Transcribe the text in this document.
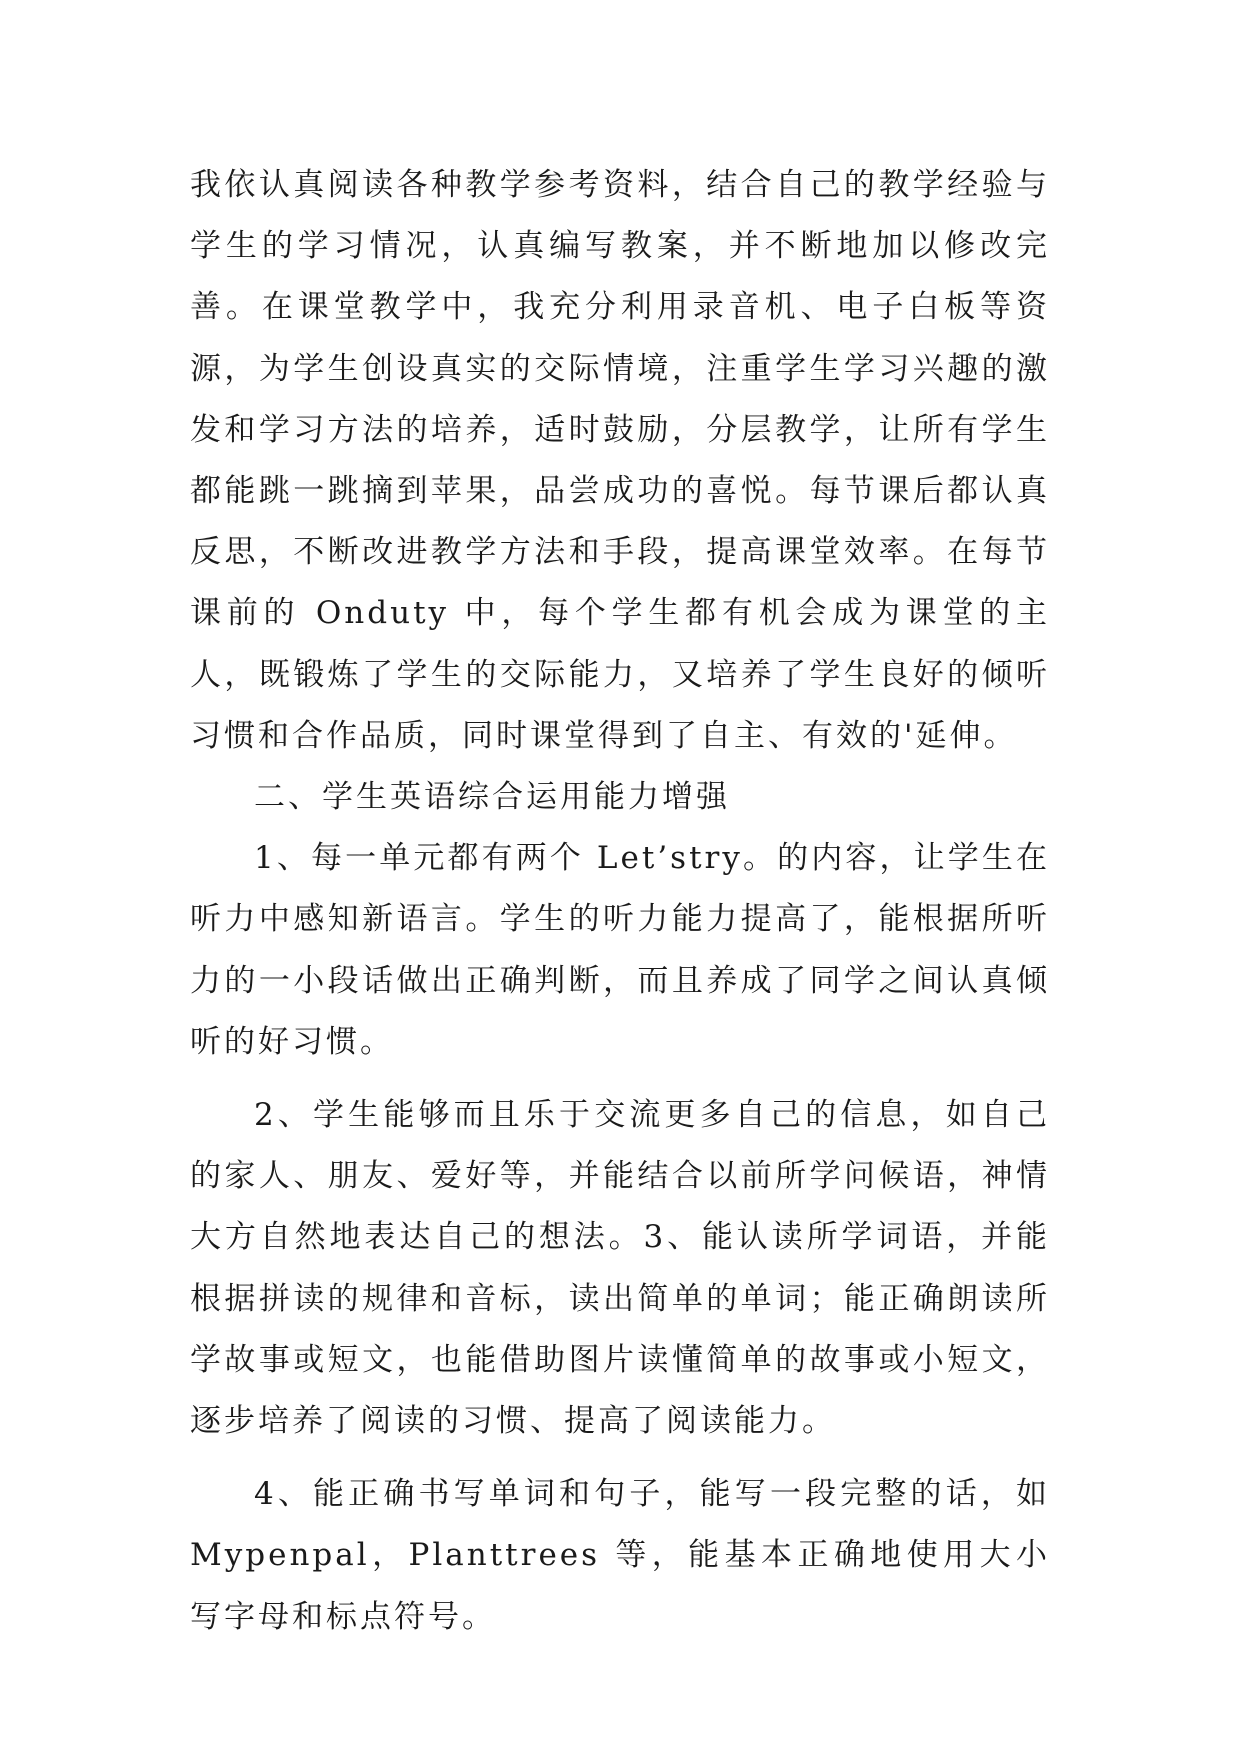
我依认真阅读各种教学参考资料，结合自己的教学经验与学生的学习情况，认真编写教案，并不断地加以修改完善。在课堂教学中，我充分利用录音机、电子白板等资源，为学生创设真实的交际情境，注重学生学习兴趣的激发和学习方法的培养，适时鼓励，分层教学，让所有学生都能跳一跳摘到苹果，品尝成功的喜悦。每节课后都认真反思，不断改进教学方法和手段，提高课堂效率。在每节课前的 Onduty 中，每个学生都有机会成为课堂的主人，既锻炼了学生的交际能力，又培养了学生良好的倾听习惯和合作品质，同时课堂得到了自主、有效的'延伸。

二、学生英语综合运用能力增强

1、每一单元都有两个 Let’stry。的内容，让学生在听力中感知新语言。学生的听力能力提高了，能根据所听力的一小段话做出正确判断，而且养成了同学之间认真倾听的好习惯。

2、学生能够而且乐于交流更多自己的信息，如自己的家人、朋友、爱好等，并能结合以前所学问候语，神情大方自然地表达自己的想法。3、能认读所学词语，并能根据拼读的规律和音标，读出简单的单词；能正确朗读所学故事或短文，也能借助图片读懂简单的故事或小短文，逐步培养了阅读的习惯、提高了阅读能力。

4、能正确书写单词和句子，能写一段完整的话，如 Mypenpal，Planttrees 等，能基本正确地使用大小写字母和标点符号。
